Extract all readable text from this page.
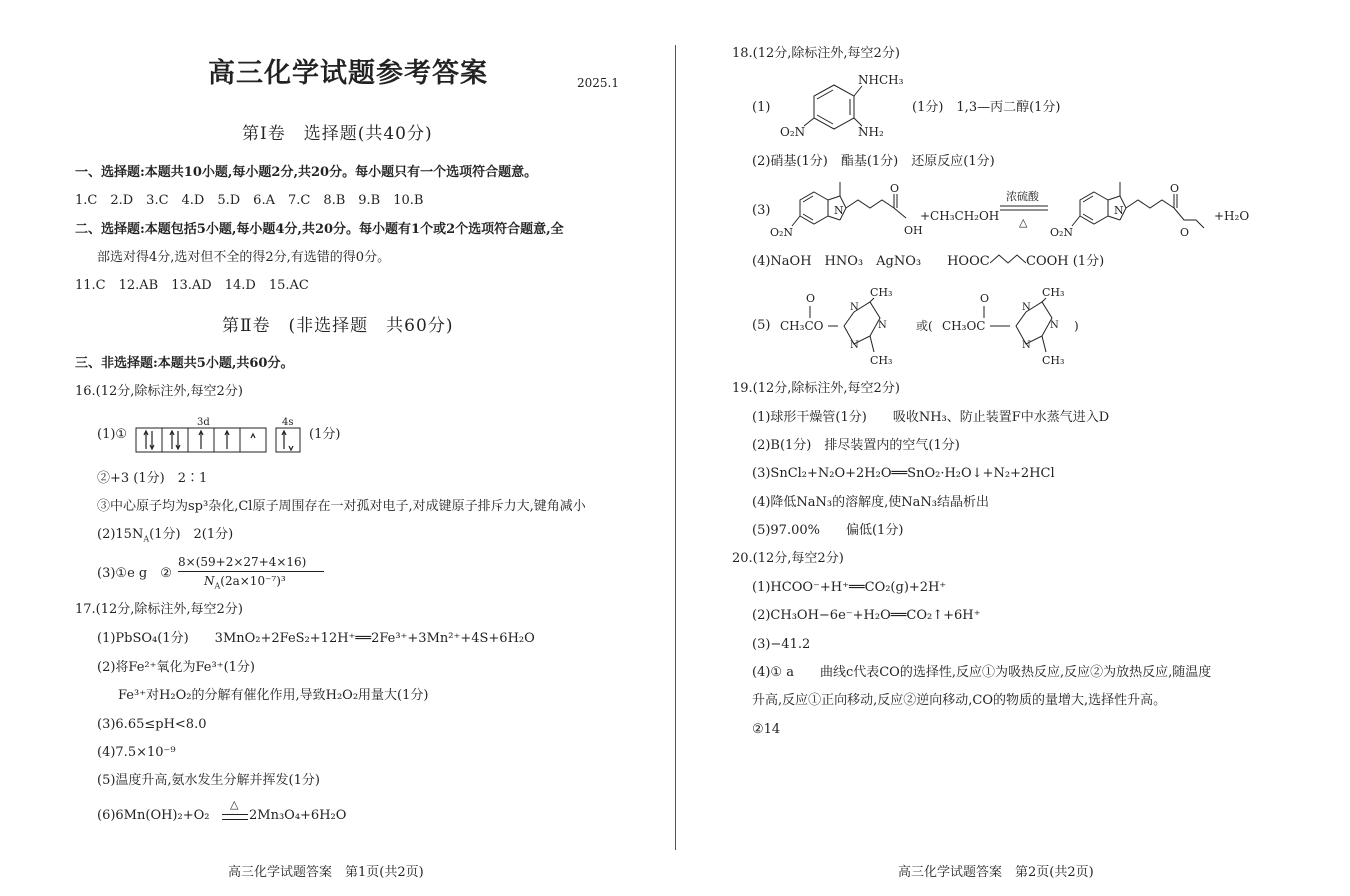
高三化学试题参考答案	2025.1
第Ⅰ卷　选择题(共40分)
一、选择题:本题共10小题,每小题2分,共20分。每小题只有一个选项符合题意。
1.C　2.D　3.C　4.D　5.D　6.A　7.C　8.B　9.B　10.B
二、选择题:本题包括5小题,每小题4分,共20分。每小题有1个或2个选项符合题意,全
部选对得4分,选对但不全的得2分,有选错的得0分。
11.C　12.AB　13.AD　14.D　15.AC
第Ⅱ卷　(非选择题　共60分)
三、非选择题:本题共5小题,共60分。
16.(12分,除标注外,每空2分)
(1)①
3d	4s
(1分)
②+3 (1分)　2∶1
③中心原子均为sp³杂化,Cl原子周围存在一对孤对电子,对成键原子排斥力大,键角减小
$(2)15N_A(1$分)　2(1分)
(3)①e g　②
8×(59+2×27+4×16)
$N_A(2a\times 10^{-7})^3$
17.(12分,除标注外,每空2分)
(1)PbSO₄(1分)　　3MnO₂+2FeS₂+12H⁺══2Fe³⁺+3Mn²⁺+4S+6H₂O
(2)将Fe²⁺氧化为Fe³⁺(1分)
Fe³⁺对H₂O₂的分解有催化作用,导致H₂O₂用量大(1分)
(3)6.65≤pH<8.0
(4)7.5×10⁻⁹
(5)温度升高,氨水发生分解并挥发(1分)
(6)6Mn(OH)₂+O₂
△
2Mn₃O₄+6H₂O
高三化学试题答案　第1页(共2页)
18.(12分,除标注外,每空2分)
(1)
NHCH₃
O₂N	NH₂
(1分)　1,3—丙二醇(1分)
(2)硝基(1分)　酯基(1分)　还原反应(1分)
(3)	N
O₂N
O
OH
+CH₃CH₂OH
浓硫酸
△
N
O₂N
O
O
+H₂O
(4)NaOH　HNO₃　AgNO₃　　HOOC	COOH (1分)
(5) CH₃CO
O	CH₃
CH₃
N
N
N
或( CH₃OC
O	CH₃
CH₃
N
N
N
)
19.(12分,除标注外,每空2分)
(1)球形干燥管(1分)　　吸收NH₃、防止装置F中水蒸气进入D
(2)B(1分)　排尽装置内的空气(1分)
(3)SnCl₂+N₂O+2H₂O══SnO₂·H₂O↓+N₂+2HCl
(4)降低NaN₃的溶解度,使NaN₃结晶析出
(5)97.00%　　偏低(1分)
20.(12分,每空2分)
(1)HCOO⁻+H⁺══CO₂(g)+2H⁺
(2)CH₃OH−6e⁻+H₂O══CO₂↑+6H⁺
(3)−41.2
(4)① a　　曲线c代表CO的选择性,反应①为吸热反应,反应②为放热反应,随温度
升高,反应①正向移动,反应②逆向移动,CO的物质的量增大,选择性升高。
②14
高三化学试题答案　第2页(共2页)
